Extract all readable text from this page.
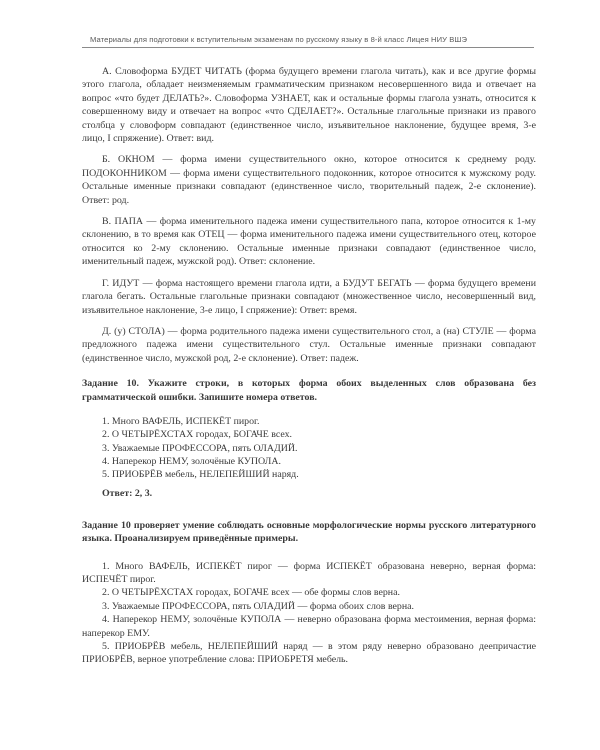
Материалы для подготовки к вступительным экзаменам по русскому языку в 8-й класс Лицея НИУ ВШЭ

А. Словоформа БУДЕТ ЧИТАТЬ (форма будущего времени глагола читать), как и все другие формы этого глагола, обладает неизменяемым грамматическим признаком несовершенного вида и отвечает на вопрос «что будет ДЕЛАТЬ?». Словоформа УЗНАЕТ, как и остальные формы глагола узнать, относится к совершенному виду и отвечает на вопрос «что СДЕЛАЕТ?». Остальные глагольные признаки из правого столбца у словоформ совпадают (единственное число, изъявительное наклонение, будущее время, 3-е лицо, I спряжение). Ответ: вид.

Б. ОКНОМ — форма имени существительного окно, которое относится к среднему роду. ПОДОКОННИКОМ — форма имени существительного подоконник, которое относится к мужскому роду. Остальные именные признаки совпадают (единственное число, творительный падеж, 2-е склонение). Ответ: род.

В. ПАПА — форма именительного падежа имени существительного папа, которое относится к 1-му склонению, в то время как ОТЕЦ — форма именительного падежа имени существительного отец, которое относится ко 2-му склонению. Остальные именные признаки совпадают (единственное число, именительный падеж, мужской род). Ответ: склонение.

Г. ИДУТ — форма настоящего времени глагола идти, а БУДУТ БЕГАТЬ — форма будущего времени глагола бегать. Остальные глагольные признаки совпадают (множественное число, несовершенный вид, изъявительное наклонение, 3-е лицо, I спряжение): Ответ: время.

Д. (у) СТОЛА) — форма родительного падежа имени существительного стол, а (на) СТУЛЕ — форма предложного падежа имени существительного стул. Остальные именные признаки совпадают (единственное число, мужской род, 2-е склонение). Ответ: падеж.

Задание 10. Укажите строки, в которых форма обоих выделенных слов образована без грамматической ошибки. Запишите номера ответов.

1. Много ВАФЕЛЬ, ИСПЕКЁТ пирог.
2. О ЧЕТЫРЁХСТАХ городах, БОГАЧЕ всех.
3. Уважаемые ПРОФЕССОРА, пять ОЛАДИЙ.
4. Наперекор НЕМУ, золочёные КУПОЛА.
5. ПРИОБРЁВ мебель, НЕЛЕПЕЙШИЙ наряд.

Ответ: 2, 3.

Задание 10 проверяет умение соблюдать основные морфологические нормы русского литературного языка. Проанализируем приведённые примеры.

1. Много ВАФЕЛЬ, ИСПЕКЁТ пирог — форма ИСПЕКЁТ образована неверно, верная форма: ИСПЕЧЁТ пирог.
2. О ЧЕТЫРЁХСТАХ городах, БОГАЧЕ всех — обе формы слов верна.
3. Уважаемые ПРОФЕССОРА, пять ОЛАДИЙ — форма обоих слов верна.
4. Наперекор НЕМУ, золочёные КУПОЛА — неверно образована форма местоимения, верная форма: наперекор ЕМУ.
5. ПРИОБРЁВ мебель, НЕЛЕПЕЙШИЙ наряд — в этом ряду неверно образовано деепричастие ПРИОБРЁВ, верное употребление слова: ПРИОБРЕТЯ мебель.
